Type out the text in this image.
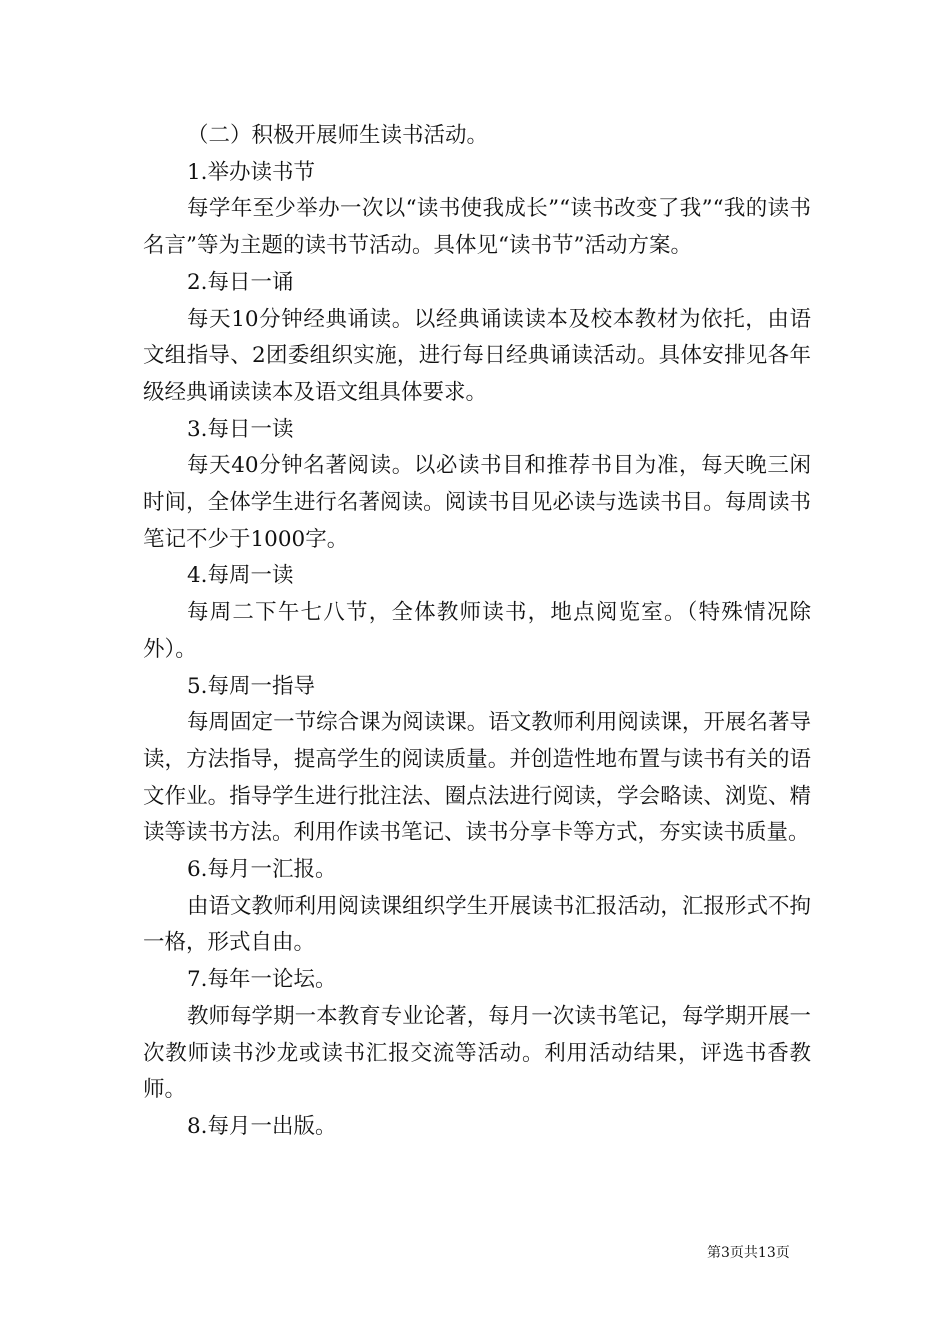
（二）积极开展师生读书活动。

1.举办读书节

每学年至少举办一次以“读书使我成长”“读书改变了我”“我的读书名言”等为主题的读书节活动。具体见“读书节”活动方案。

2.每日一诵

每天10分钟经典诵读。以经典诵读读本及校本教材为依托，由语文组指导、2团委组织实施，进行每日经典诵读活动。具体安排见各年级经典诵读读本及语文组具体要求。

3.每日一读

每天40分钟名著阅读。以必读书目和推荐书目为准，每天晚三闲时间，全体学生进行名著阅读。阅读书目见必读与选读书目。每周读书笔记不少于1000字。

4.每周一读

每周二下午七八节，全体教师读书，地点阅览室。（特殊情况除外）。

5.每周一指导

每周固定一节综合课为阅读课。语文教师利用阅读课，开展名著导读，方法指导，提高学生的阅读质量。并创造性地布置与读书有关的语文作业。指导学生进行批注法、圈点法进行阅读，学会略读、浏览、精读等读书方法。利用作读书笔记、读书分享卡等方式，夯实读书质量。

6.每月一汇报。

由语文教师利用阅读课组织学生开展读书汇报活动，汇报形式不拘一格，形式自由。

7.每年一论坛。

教师每学期一本教育专业论著，每月一次读书笔记，每学期开展一次教师读书沙龙或读书汇报交流等活动。利用活动结果，评选书香教师。

8.每月一出版。

第3页共13页
